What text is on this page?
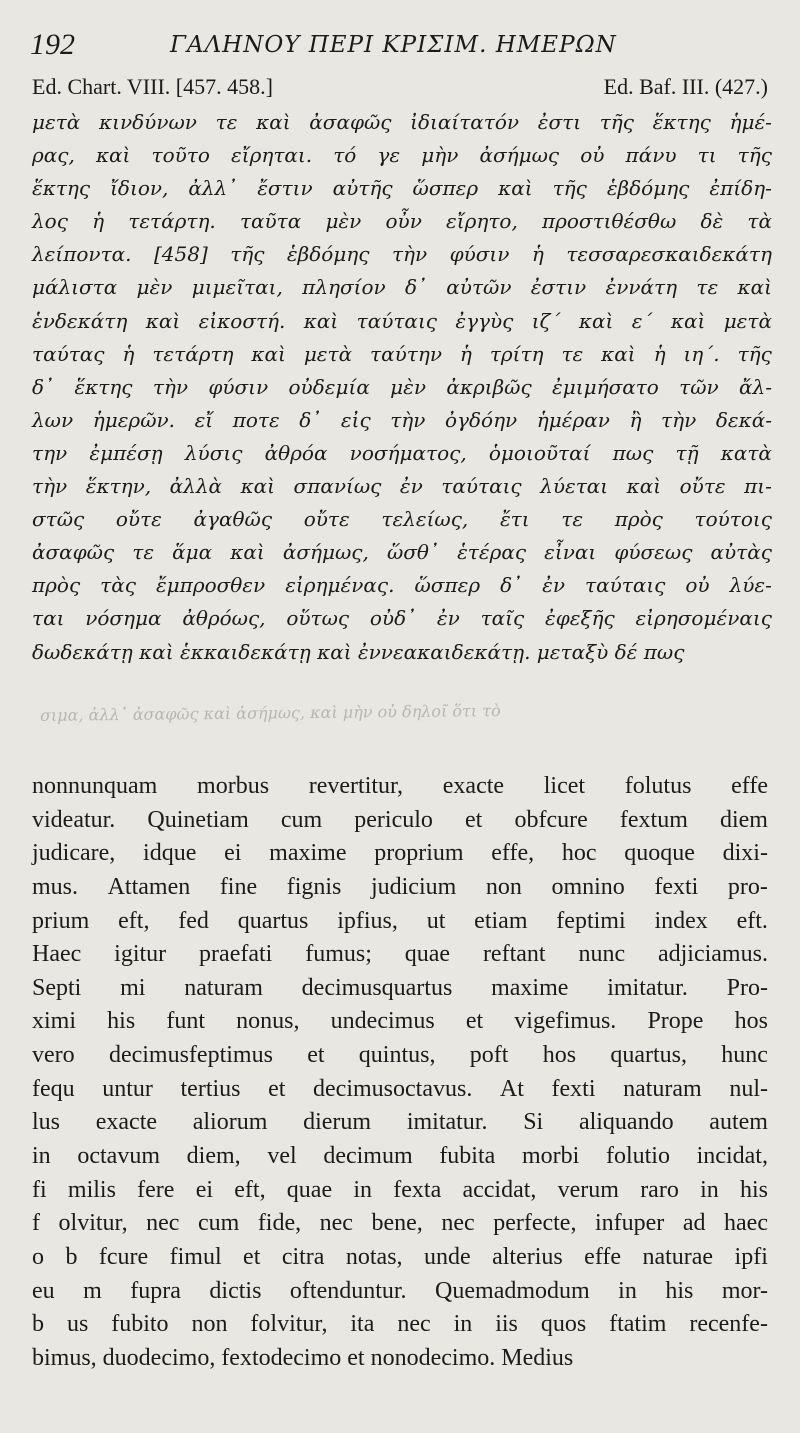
192	ΓΑΛΗΝΟΥ ΠΕΡΙ ΚΡΙΣΙΜ. ΗΜΕΡΩΝ
Ed. Chart. VIII. [457. 458.]	Ed. Baf. III. (427.)
μετὰ κινδύνων τε καὶ ἀσαφῶς ἰδιαίτατόν ἐστι τῆς ἕκτης ἡμέ-
ρας, καὶ τοῦτο εἴρηται. τό γε μὴν ἀσήμως οὐ πάνυ τι τῆς
ἕκτης ἴδιον, ἀλλ᾽ ἔστιν αὐτῆς ὥσπερ καὶ τῆς ἑβδόμης ἐπίδη-
λος ἡ τετάρτη. ταῦτα μὲν οὖν εἴρητο, προστιθέσθω δὲ τὰ
λείποντα. [458] τῆς ἑβδόμης τὴν φύσιν ἡ τεσσαρεσκαιδεκάτη
μάλιστα μὲν μιμεῖται, πλησίον δ᾽ αὐτῶν ἐστιν ἐννάτη τε καὶ
ἑνδεκάτη καὶ εἰκοστή. καὶ ταύταις ἐγγὺς ιζ´ καὶ ε´ καὶ μετὰ
ταύτας ἡ τετάρτη καὶ μετὰ ταύτην ἡ τρίτη τε καὶ ἡ ιη´. τῆς
δ᾽ ἕκτης τὴν φύσιν οὐδεμία μὲν ἀκριβῶς ἐμιμήσατο τῶν ἄλ-
λων ἡμερῶν. εἴ ποτε δ᾽ εἰς τὴν ὀγδόην ἡμέραν ἢ τὴν δεκά-
την ἐμπέσῃ λύσις ἀθρόα νοσήματος, ὁμοιοῦταί πως τῇ κατὰ
τὴν ἕκτην, ἀλλὰ καὶ σπανίως ἐν ταύταις λύεται καὶ οὔτε πι-
στῶς οὔτε ἀγαθῶς οὔτε τελείως, ἔτι τε πρὸς τούτοις
ἀσαφῶς τε ἅμα καὶ ἀσήμως, ὥσθ᾽ ἑτέρας εἶναι φύσεως αὐτὰς
πρὸς τὰς ἔμπροσθεν εἰρημένας. ὥσπερ δ᾽ ἐν ταύταις οὐ λύε-
ται νόσημα ἀθρόως, οὕτως οὐδ᾽ ἐν ταῖς ἐφεξῆς εἰρησομέναις
δωδεκάτῃ καὶ ἑκκαιδεκάτῃ καὶ ἐννεακαιδεκάτῃ. μεταξὺ δέ πως
σιμα, ἀλλ᾽ ἀσαφῶς καὶ ἀσήμως, καὶ μὴν οὐ δηλοῖ ὅτι τὸ
nonnunquam morbus revertitur, exacte licet folutus effe
videatur. Quinetiam cum periculo et obfcure fextum diem
judicare, idque ei maxime proprium effe, hoc quoque dixi-
mus. Attamen fine fignis judicium non omnino fexti pro-
prium eft, fed quartus ipfius, ut etiam feptimi index eft.
Haec igitur praefati fumus; quae reftant nunc adjiciamus.
Septi mi naturam decimusquartus maxime imitatur. Pro-
ximi his funt nonus, undecimus et vigefimus. Prope hos
vero decimusfeptimus et quintus, poft hos quartus, hunc
fequ untur tertius et decimusoctavus. At fexti naturam nul-
lus exacte aliorum dierum imitatur. Si aliquando autem
in octavum diem, vel decimum fubita morbi folutio incidat,
fi milis fere ei eft, quae in fexta accidat, verum raro in his
f olvitur, nec cum fide, nec bene, nec perfecte, infuper ad haec
o b fcure fimul et citra notas, unde alterius effe naturae ipfi
eu m fupra dictis oftenduntur. Quemadmodum in his mor-
b us fubito non folvitur, ita nec in iis quos ftatim recenfe-
bimus, duodecimo, fextodecimo et nonodecimo. Medius
